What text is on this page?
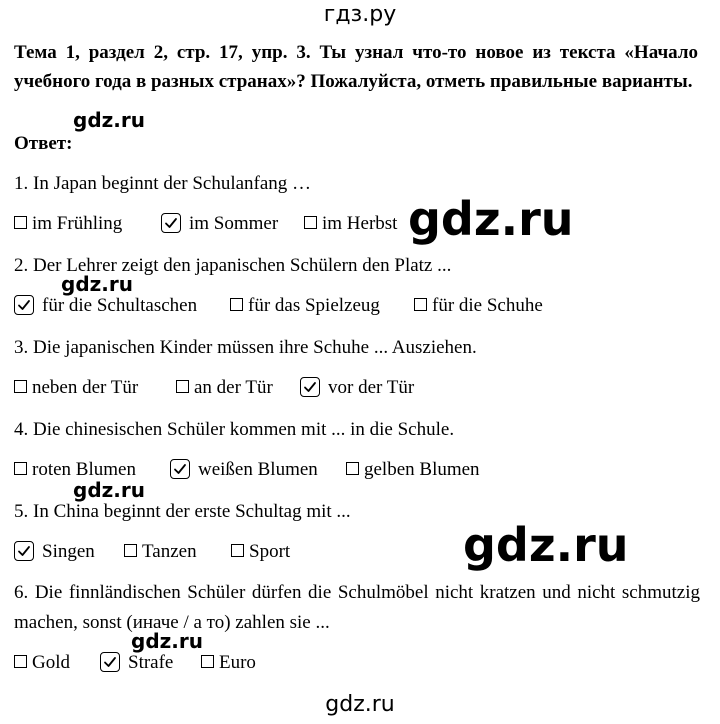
гдз.ру
Тема 1, раздел 2, стр. 17, упр. 3. Ты узнал что-то новое из текста «Начало учебного года в разных странах»? Пожалуйста, отметь правильные варианты.
Ответ:
1. In Japan beginnt der Schulanfang …
im Frühling	im Sommer	im Herbst
2. Der Lehrer zeigt den japanischen Schülern den Platz ...
für die Schultaschen	für das Spielzeug	für die Schuhe
3. Die japanischen Kinder müssen ihre Schuhe ... Ausziehen.
neben der Tür	an der Tür	vor der Tür
4. Die chinesischen Schüler kommen mit ... in die Schule.
roten Blumen	weißen Blumen	gelben Blumen
5. In China beginnt der erste Schultag mit ...
Singen	Tanzen	Sport
6. Die finnländischen Schüler dürfen die Schulmöbel nicht kratzen und nicht schmutzig machen, sonst (иначе / а то) zahlen sie ...
Gold	Strafe	Euro
gdz.ru
gdz.ru
gdz.ru
gdz.ru
gdz.ru
gdz.ru
gdz.ru
